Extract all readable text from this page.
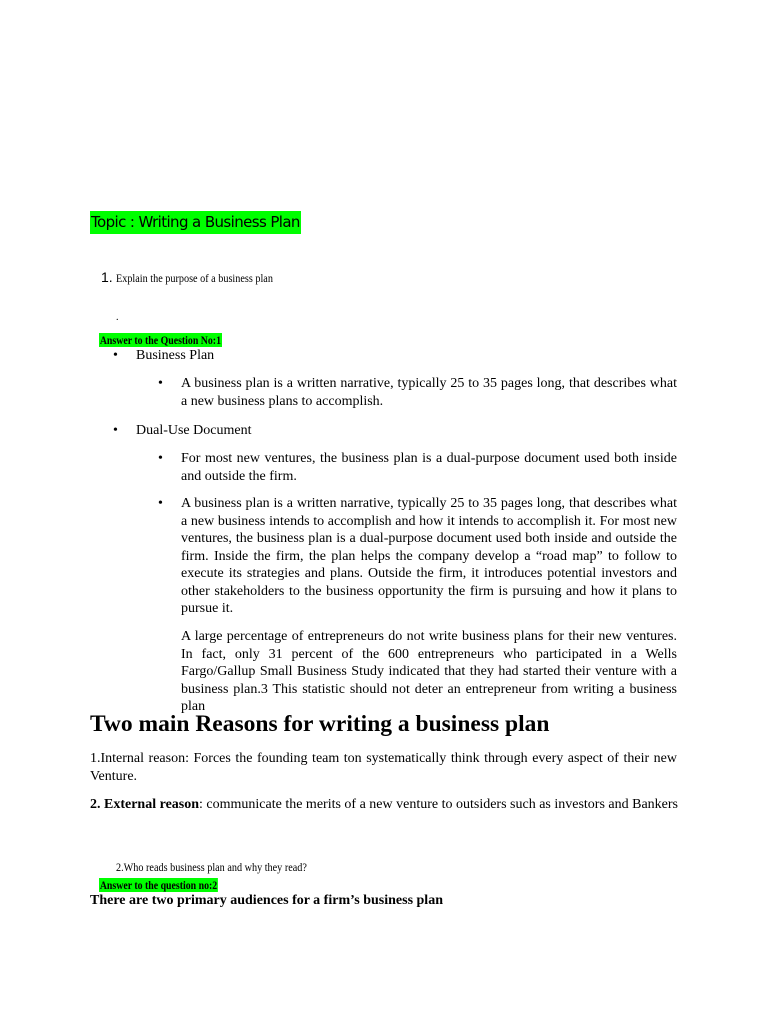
Topic : Writing a Business Plan
1. Explain the purpose of a business plan
.
Answer to the Question No:1
• Business Plan
• A business plan is a written narrative, typically 25 to 35 pages long, that describes what a new business plans to accomplish.
• Dual-Use Document
• For most new ventures, the business plan is a dual-purpose document used both inside and outside the firm.
• A business plan is a written narrative, typically 25 to 35 pages long, that describes what a new business intends to accomplish and how it intends to accomplish it. For most new ventures, the business plan is a dual-purpose document used both inside and outside the firm. Inside the firm, the plan helps the company develop a “road map” to follow to execute its strategies and plans. Outside the firm, it introduces potential investors and other stakeholders to the business opportunity the firm is pursuing and how it plans to pursue it.
A large percentage of entrepreneurs do not write business plans for their new ventures. In fact, only 31 percent of the 600 entrepreneurs who participated in a Wells Fargo/Gallup Small Business Study indicated that they had started their venture with a business plan.3 This statistic should not deter an entrepreneur from writing a business plan
Two main Reasons for writing a business plan
1.Internal reason: Forces the founding team ton systematically think through every aspect of their new Venture.
2. External reason: communicate the merits of a new venture to outsiders such as investors and Bankers
2.Who reads business plan and why they read?
Answer to the question no:2
There are two primary audiences for a firm’s business plan
